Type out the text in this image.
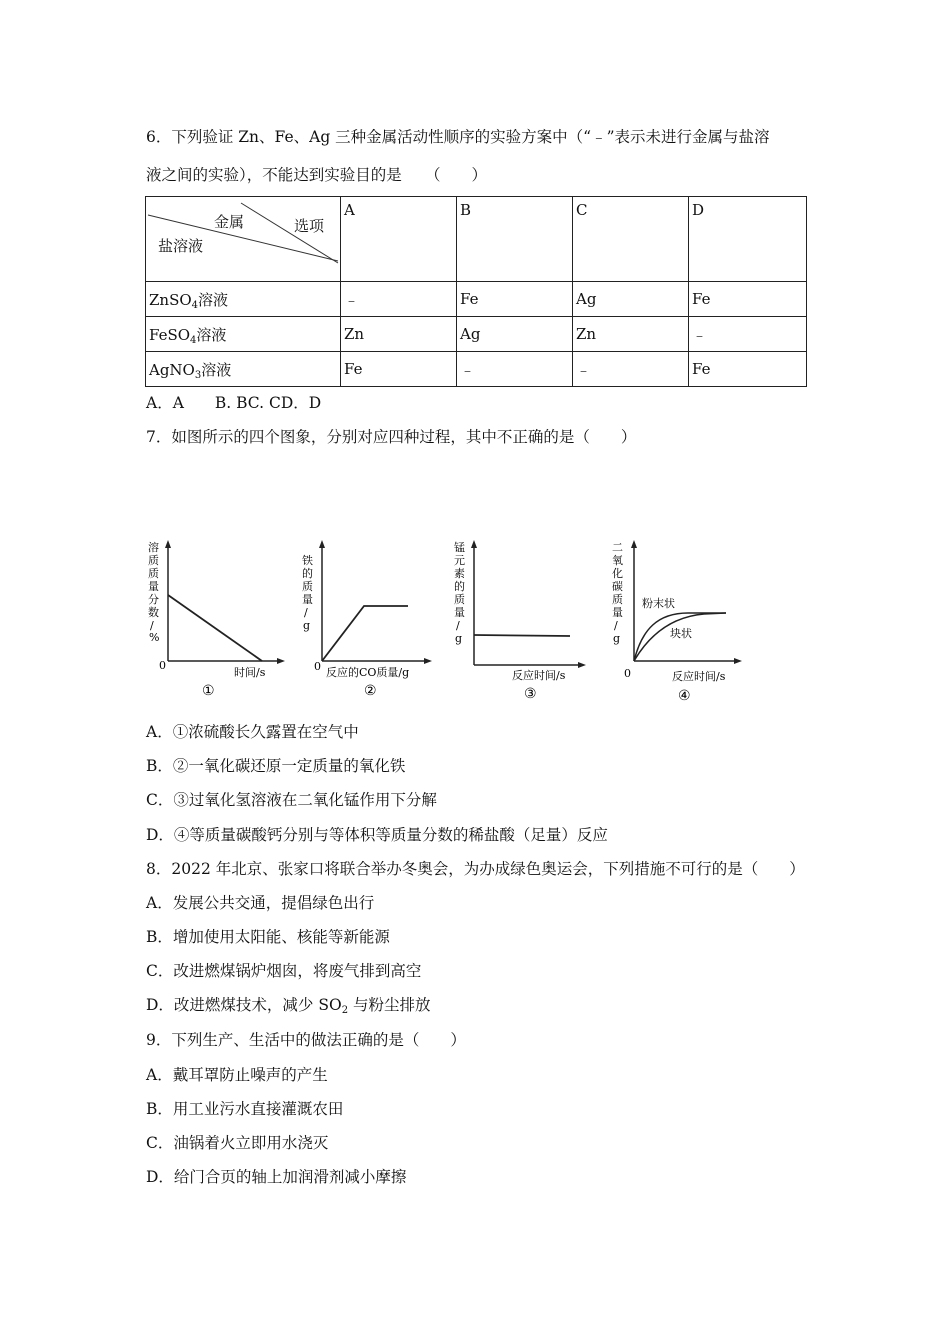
6．下列验证 Zn、Fe、Ag 三种金属活动性顺序的实验方案中（“﹣”表示未进行金属与盐溶
液之间的实验），不能达到实验目的是　　（　　）
金属 选项
盐溶液	A	B	C	D
ZnSO$_4$溶液	﹣	Fe	Ag	Fe
FeSO$_4$溶液	Zn	Ag	Zn	﹣
AgNO$_3$溶液	Fe	﹣	﹣	Fe
A．A　　B. BC. CD．D
7．如图所示的四个图象，分别对应四种过程，其中不正确的是（　　）
溶
质
质
量
分
数
/
%
0
时间/s
①
铁
的
质
量
/
g
0 反应的CO质量/g
②
锰
元
素
的
质
量
/
g
反应时间/s
③
二
氧
化
碳
质
量
/
g
粉末状
块状
0	反应时间/s
④
A．①浓硫酸长久露置在空气中
B．②一氧化碳还原一定质量的氧化铁
C．③过氧化氢溶液在二氧化锰作用下分解
D．④等质量碳酸钙分别与等体积等质量分数的稀盐酸（足量）反应
8．2022 年北京、张家口将联合举办冬奥会，为办成绿色奥运会，下列措施不可行的是（　　）
A．发展公共交通，提倡绿色出行
B．增加使用太阳能、核能等新能源
C．改进燃煤锅炉烟囱，将废气排到高空
D．改进燃煤技术，减少 $SO_2$ 与粉尘排放
9．下列生产、生活中的做法正确的是（　　）
A．戴耳罩防止噪声的产生
B．用工业污水直接灌溉农田
C．油锅着火立即用水浇灭
D．给门合页的轴上加润滑剂减小摩擦
